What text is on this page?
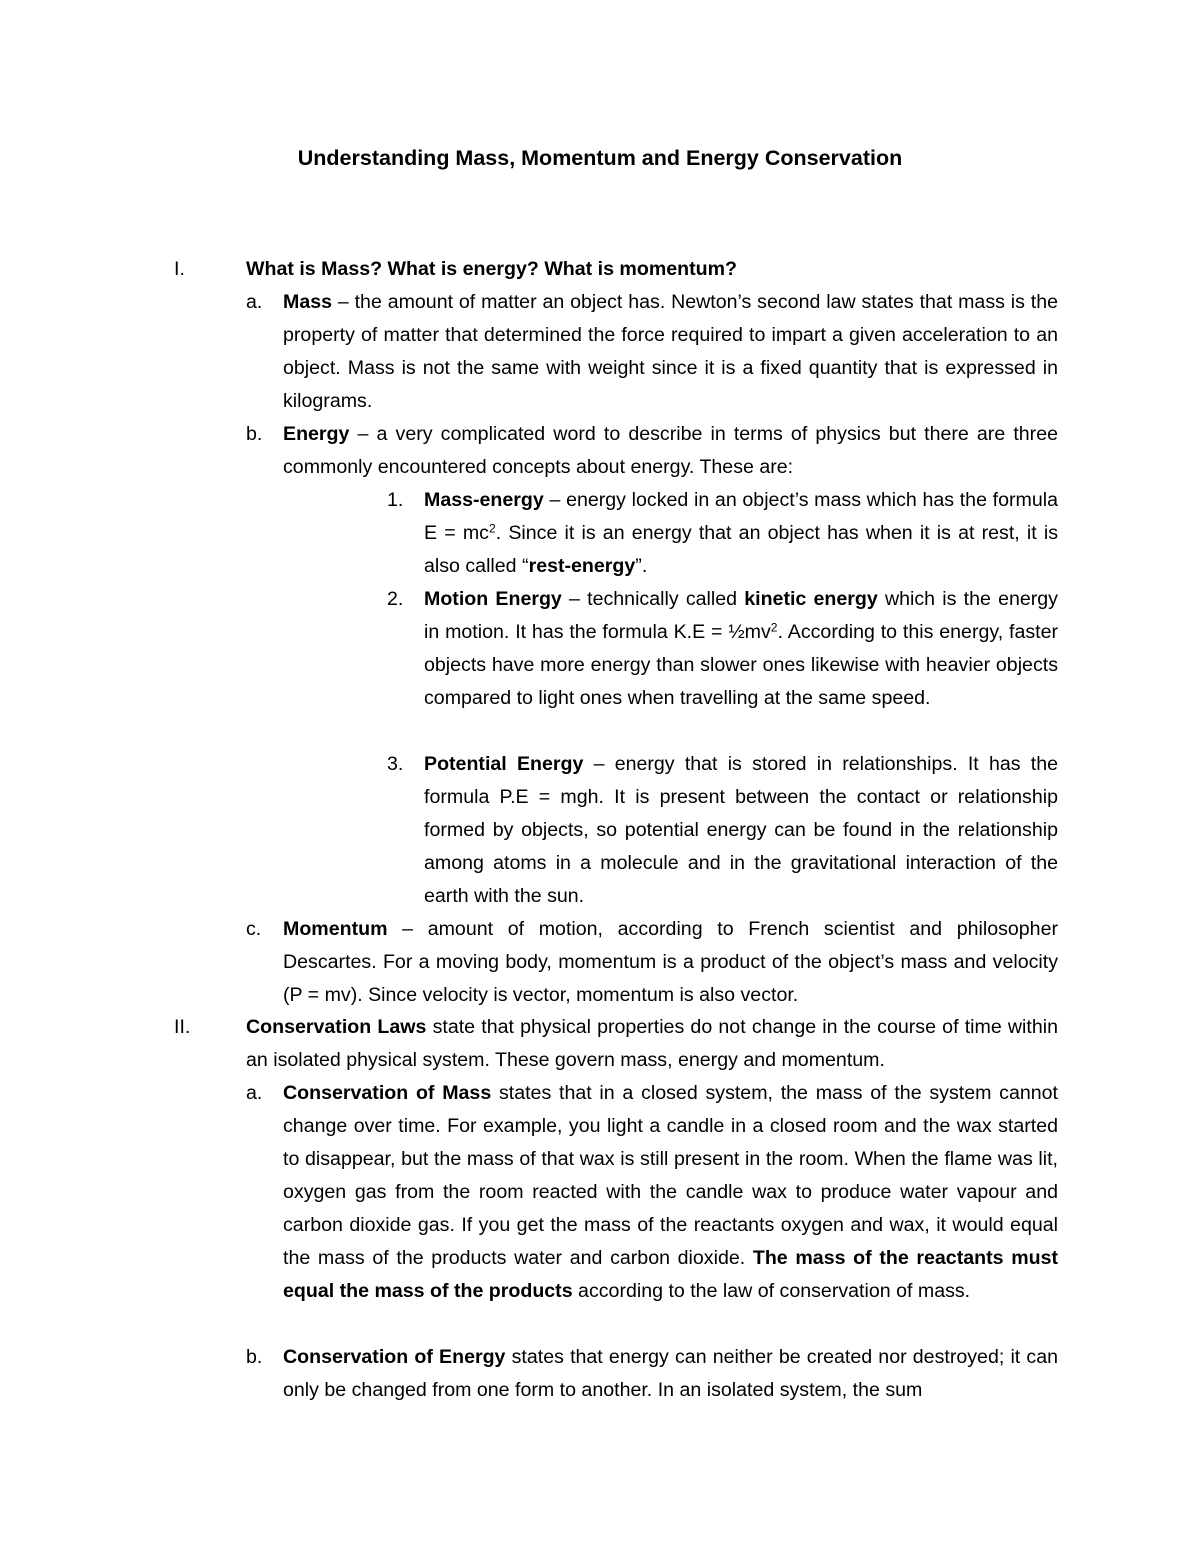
Understanding Mass, Momentum and Energy Conservation
I.	What is Mass? What is energy? What is momentum?
a. Mass – the amount of matter an object has. Newton’s second law states that mass is the property of matter that determined the force required to impart a given acceleration to an object. Mass is not the same with weight since it is a fixed quantity that is expressed in kilograms.
b. Energy – a very complicated word to describe in terms of physics but there are three commonly encountered concepts about energy. These are:
1. Mass-energy – energy locked in an object’s mass which has the formula $E = mc^2$. Since it is an energy that an object has when it is at rest, it is also called “rest-energy”.
2. Motion Energy – technically called kinetic energy which is the energy in motion. It has the formula $K.E = \frac{1}{2}mv^2$. According to this energy, faster objects have more energy than slower ones likewise with heavier objects compared to light ones when travelling at the same speed.
3. Potential Energy – energy that is stored in relationships. It has the formula P.E = mgh. It is present between the contact or relationship formed by objects, so potential energy can be found in the relationship among atoms in a molecule and in the gravitational interaction of the earth with the sun.
c. Momentum – amount of motion, according to French scientist and philosopher Descartes. For a moving body, momentum is a product of the object’s mass and velocity (P = mv). Since velocity is vector, momentum is also vector.
II.	Conservation Laws state that physical properties do not change in the course of time within an isolated physical system. These govern mass, energy and momentum.
a. Conservation of Mass states that in a closed system, the mass of the system cannot change over time. For example, you light a candle in a closed room and the wax started to disappear, but the mass of that wax is still present in the room. When the flame was lit, oxygen gas from the room reacted with the candle wax to produce water vapour and carbon dioxide gas. If you get the mass of the reactants oxygen and wax, it would equal the mass of the products water and carbon dioxide. The mass of the reactants must equal the mass of the products according to the law of conservation of mass.
b. Conservation of Energy states that energy can neither be created nor destroyed; it can only be changed from one form to another. In an isolated system, the sum
